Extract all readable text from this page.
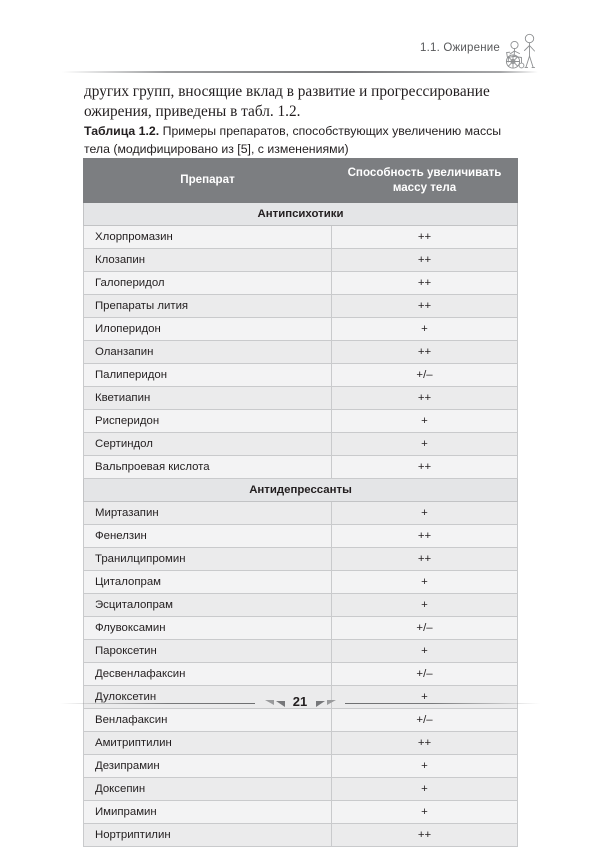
1.1. Ожирение
других групп, вносящие вклад в развитие и прогрессирование
ожирения, приведены в табл. 1.2.
Таблица 1.2. Примеры препаратов, способствующих увеличению массы тела (модифицировано из [5], с изменениями)
Препарат	Способность увеличивать массу тела
Антипсихотики	
Хлорпромазин	++
Клозапин	++
Галоперидол	++
Препараты лития	++
Илоперидон	+
Оланзапин	++
Палиперидон	+/–
Кветиапин	++
Рисперидон	+
Сертиндол	+
Вальпроевая кислота	++
Антидепрессанты	
Миртазапин	+
Фенелзин	++
Транилципромин	++
Циталопрам	+
Эсциталопрам	+
Флувоксамин	+/–
Пароксетин	+
Десвенлафаксин	+/–
Дулоксетин	+
Венлафаксин	+/–
Амитриптилин	++
Дезипрамин	+
Доксепин	+
Имипрамин	+
Нортриптилин	++
21
